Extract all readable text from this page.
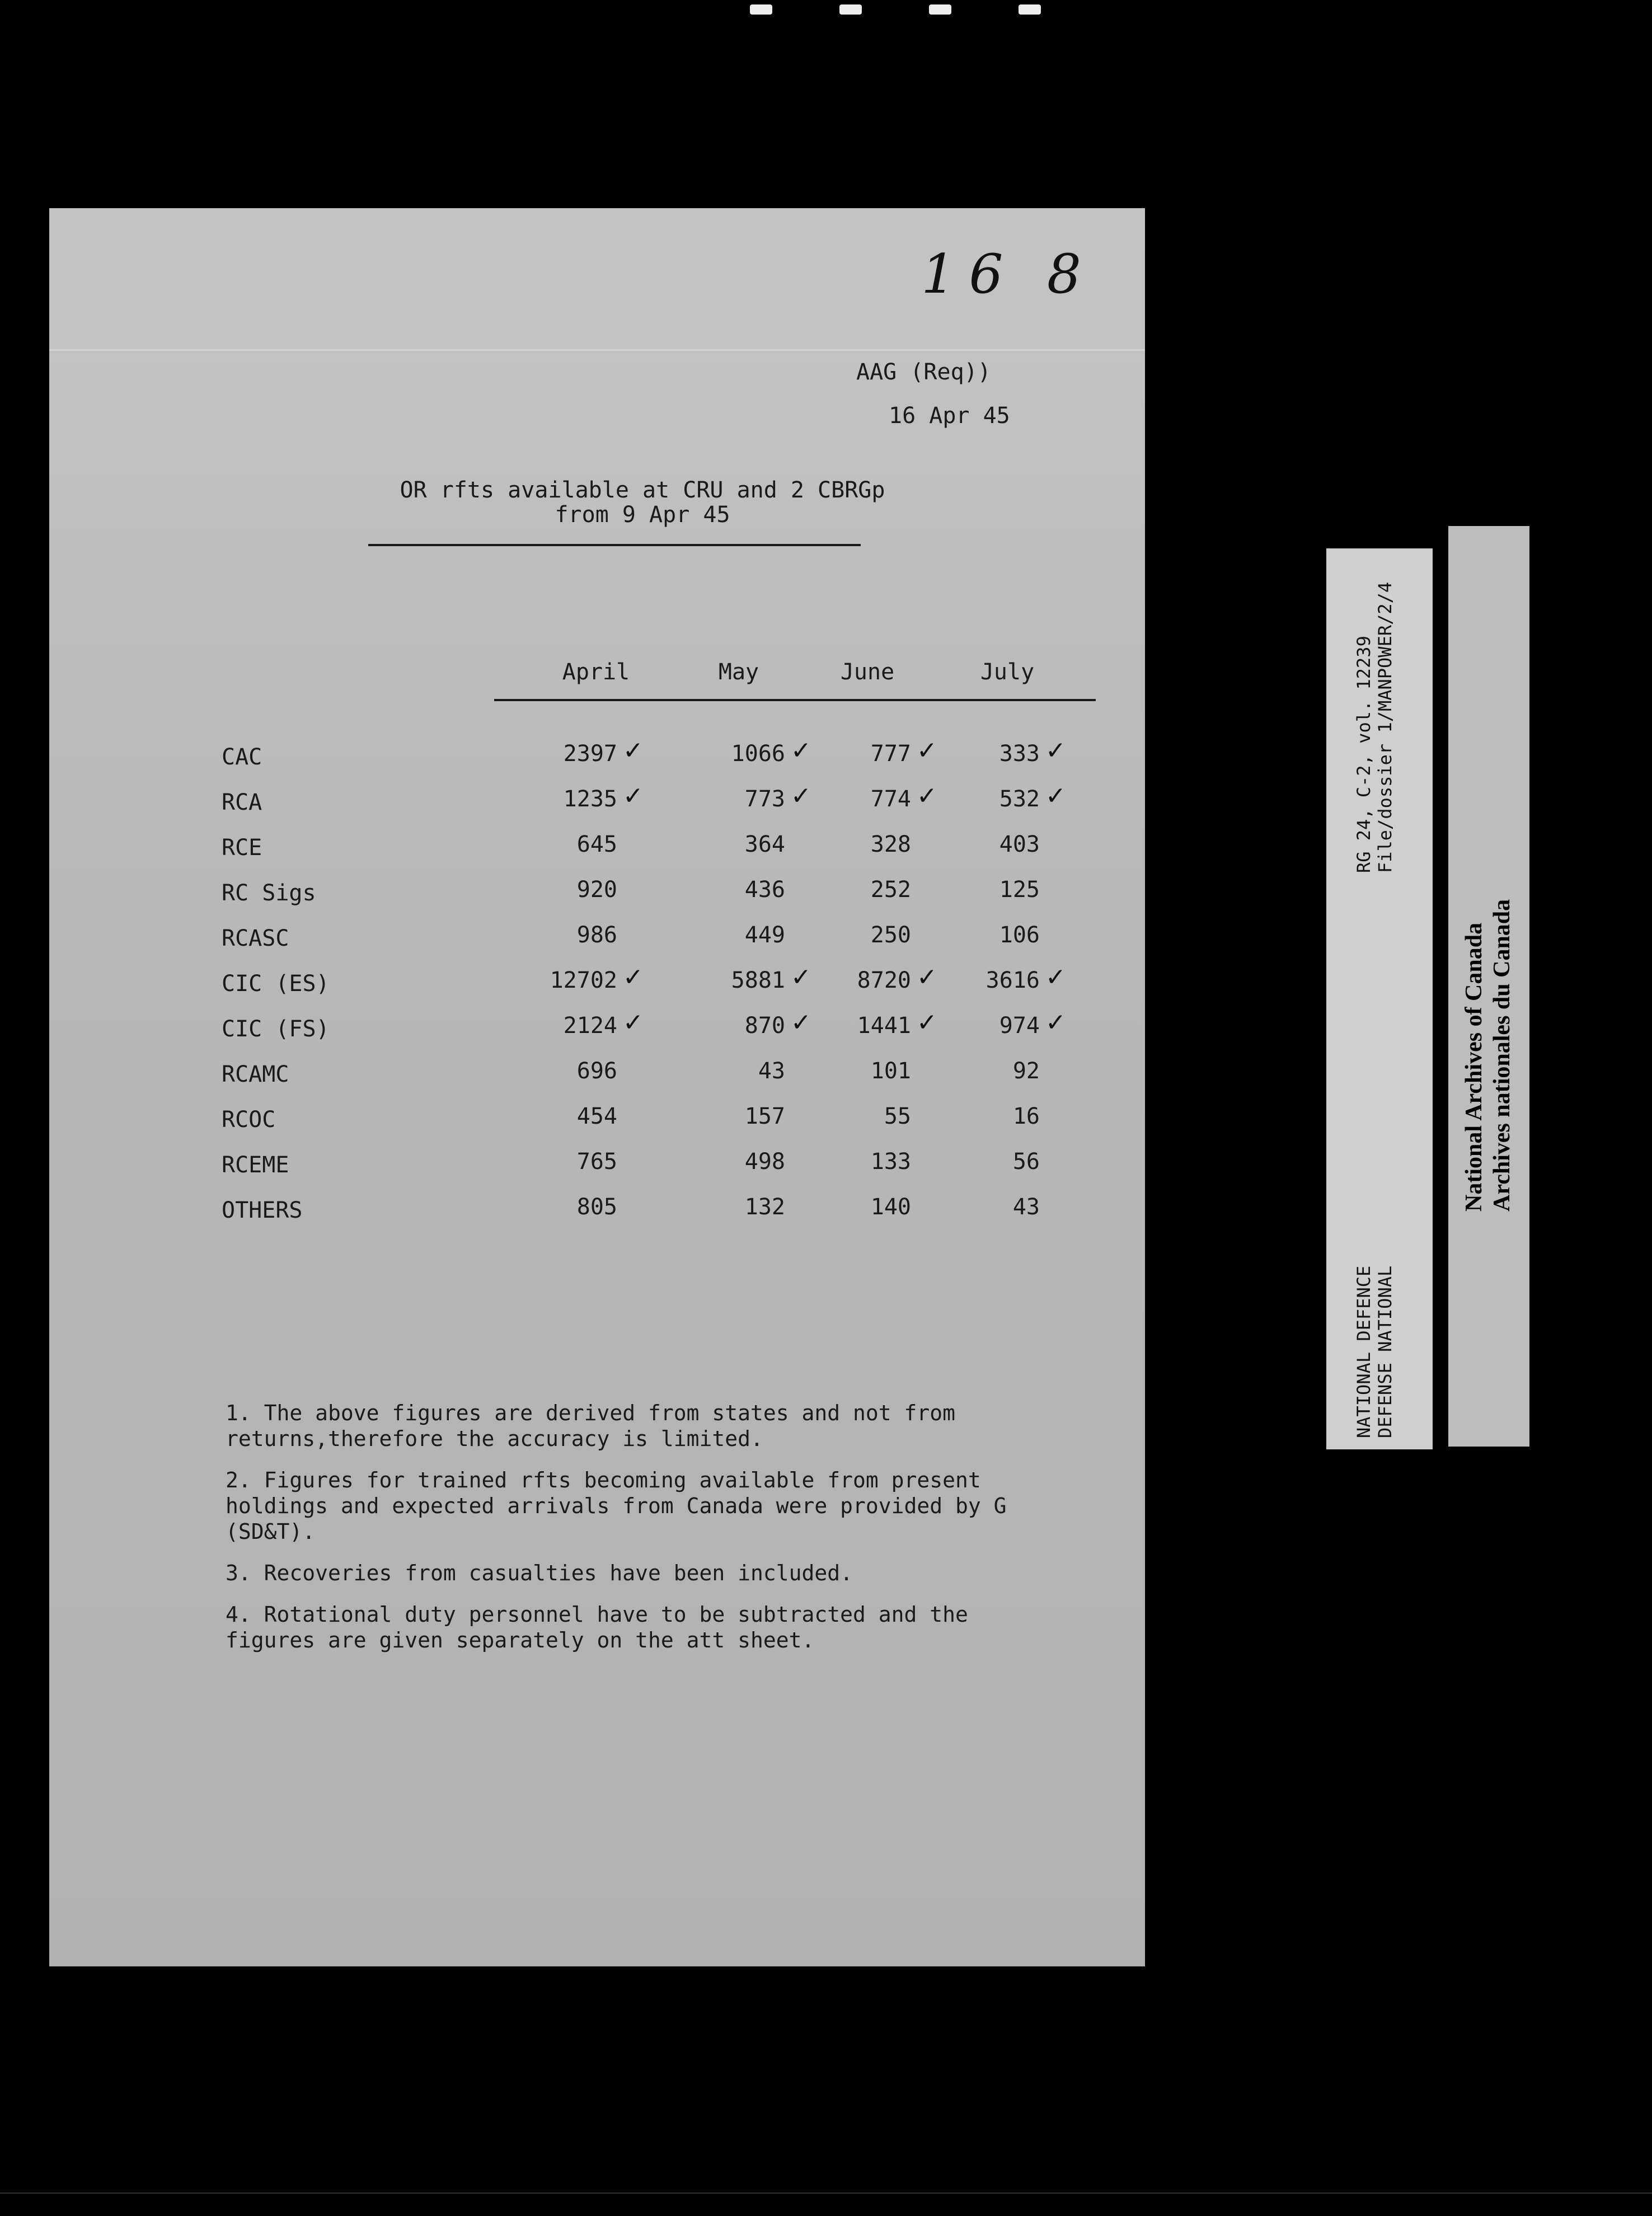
16 8
AAG (Req))
16 Apr 45
OR rfts available at CRU and 2 CBRGp
from 9 Apr 45
April	May	June	July
CAC	2397 ✓	1066 ✓	777 ✓	333 ✓
RCA	1235 ✓	773 ✓	774 ✓	532 ✓
RCE	645	364	328	403
RC Sigs	920	436	252	125
RCASC	986	449	250	106
CIC (ES)	12702 ✓	5881 ✓	8720 ✓	3616 ✓
CIC (FS)	2124 ✓	870 ✓	1441 ✓	974 ✓
RCAMC	696	43	101	92
RCOC	454	157	55	16
RCEME	765	498	133	56
OTHERS	805	132	140	43
1. The above figures are derived from states and not from returns,therefore the accuracy is limited.
2. Figures for trained rfts becoming available from present holdings and expected arrivals from Canada were provided by G (SD&T).
3. Recoveries from casualties have been included.
4. Rotational duty personnel have to be subtracted and the figures are given separately on the att sheet.
NATIONAL DEFENCE DEFENSE NATIONAL
RG 24, C-2, vol. 12239 File/dossier 1/MANPOWER/2/4
National Archives of Canada Archives nationales du Canada
